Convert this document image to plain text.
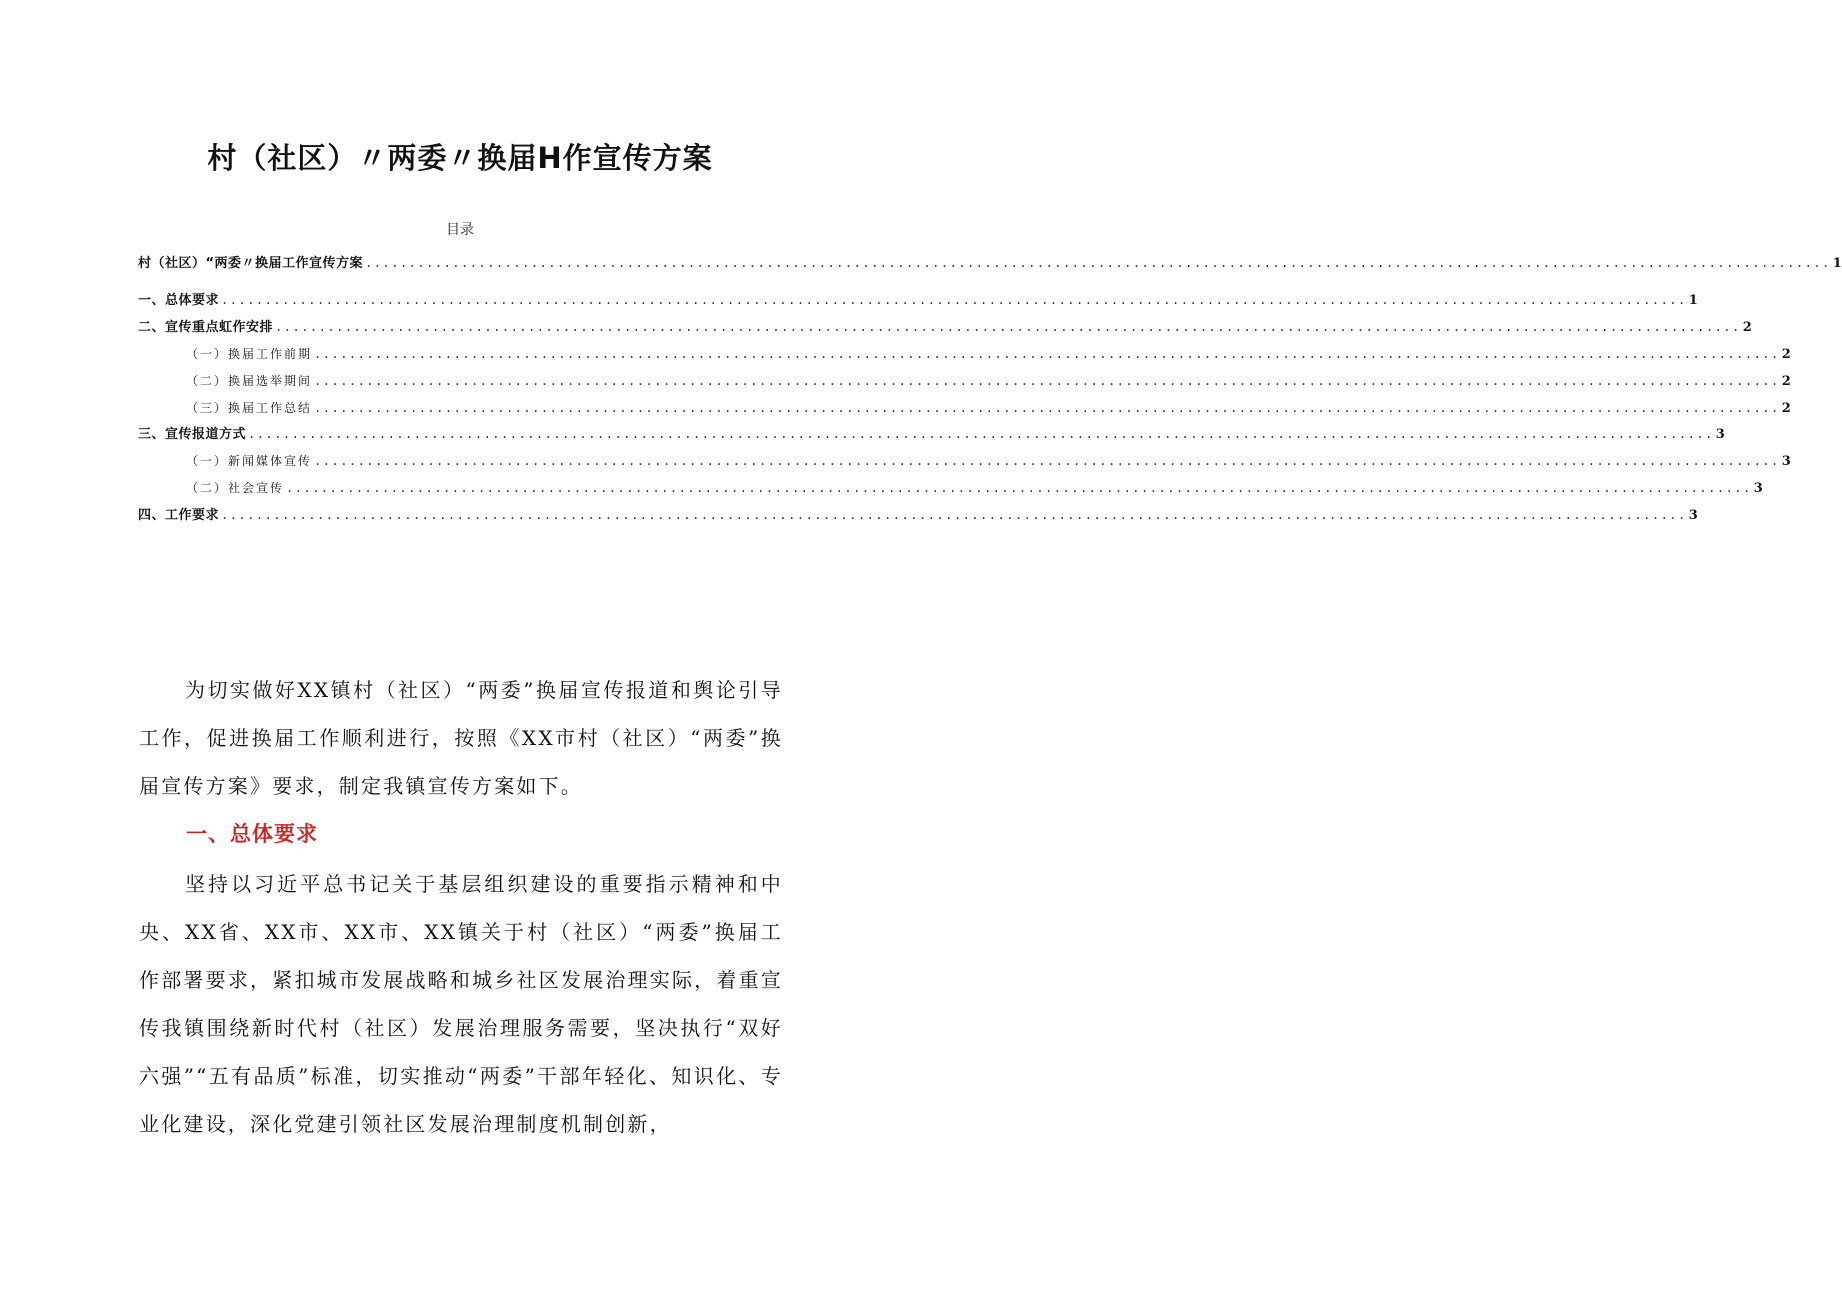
村（社区）〃两委〃换届H作宣传方案
目录
村（社区）“两委〃换届工作宣传方案 ........................................................................................................................................................................ 1
一、总体要求 ........................................................................................................................................................................ 1
二、宣传重点虹作安排 ........................................................................................................................................................................ 2
（一）换届工作前期 ........................................................................................................................................................................ 2
（二）换届选举期间 ........................................................................................................................................................................ 2
（三）换届工作总结 ........................................................................................................................................................................ 2
三、宣传报道方式 ........................................................................................................................................................................ 3
（一）新闻媒体宣传 ........................................................................................................................................................................ 3
（二）社会宣传 ........................................................................................................................................................................ 3
四、工作要求 ........................................................................................................................................................................ 3

为切实做好XX镇村（社区）“两委”换届宣传报道和舆论引导工作，促进换届工作顺利进行，按照《XX市村（社区）“两委”换届宣传方案》要求，制定我镇宣传方案如下。

一、总体要求

坚持以习近平总书记关于基层组织建设的重要指示精神和中央、XX省、XX市、XX市、XX镇关于村（社区）“两委”换届工作部署要求，紧扣城市发展战略和城乡社区发展治理实际，着重宣传我镇围绕新时代村（社区）发展治理服务需要，坚决执行“双好六强”“五有品质”标准，切实推动“两委”干部年轻化、知识化、专业化建设，深化党建引领社区发展治理制度机制创新，
